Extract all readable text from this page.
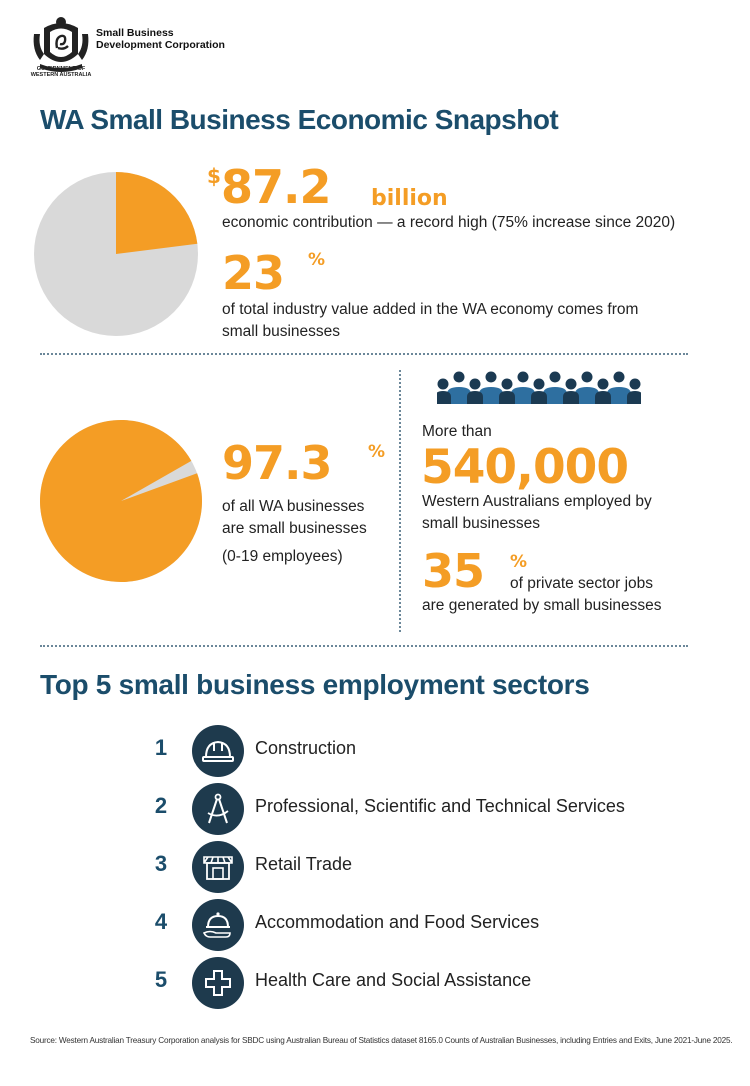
GOVERNMENT OF
WESTERN AUSTRALIA
Small Business
Development Corporation
WA Small Business Economic Snapshot
$ 87.2 billion
economic contribution — a record high (75% increase since 2020)
23 %
of total industry value added in the WA economy comes from
small businesses
97.3 %
of all WA businesses
are small businesses
(0-19 employees)
More than
540,000
Western Australians employed by
small businesses
35 %
of private sector jobs
are generated by small businesses
Top 5 small business employment sectors
1	Construction
2	Professional, Scientific and Technical Services
3	Retail Trade
4	Accommodation and Food Services
5	Health Care and Social Assistance
Source: Western Australian Treasury Corporation analysis for SBDC using Australian Bureau of Statistics dataset 8165.0 Counts of Australian Businesses, including Entries and Exits, June 2021-June 2025.
